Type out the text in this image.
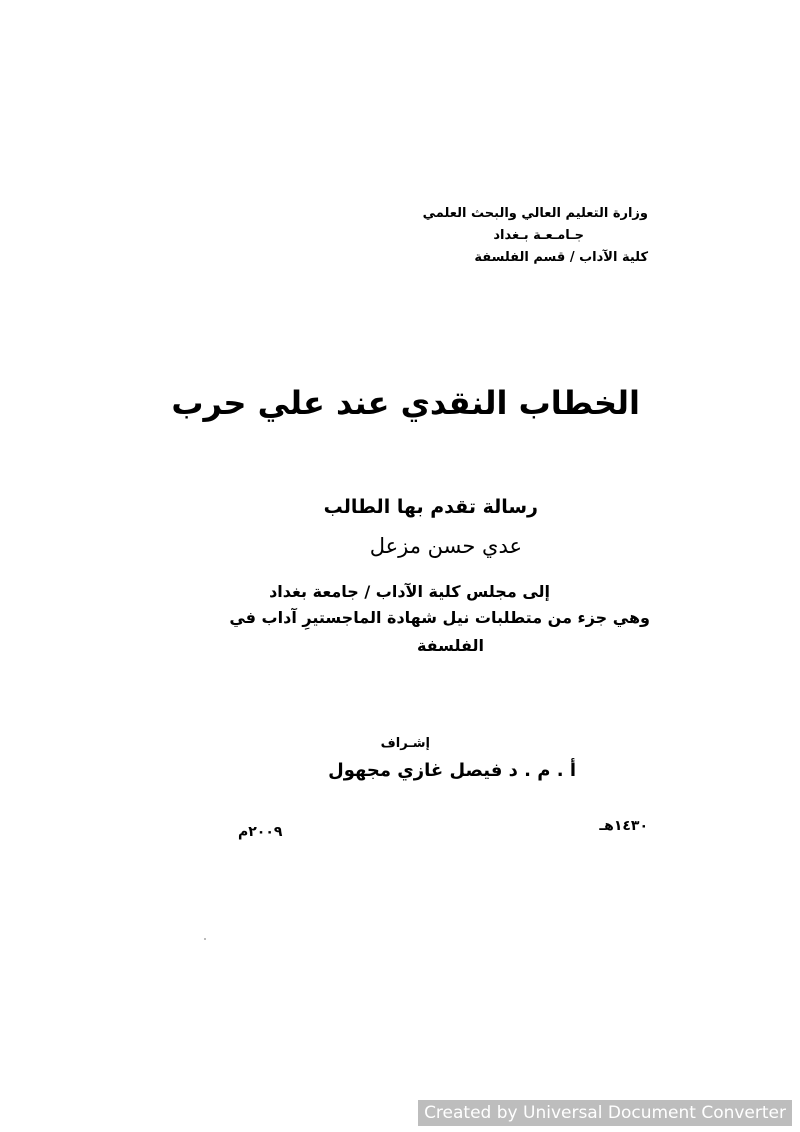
وزارة التعليم العالي والبحث العلمي
جـامـعـة بـغداد
كلية الآداب / قسم الفلسفة
الخطاب النقدي عند علي حرب
رسالة تقدم بها الطالب
عدي حسن مزعل
إلى مجلس كلية الآداب / جامعة بغداد
وهي جزء من متطلبات نيل شهادة الماجستيرِ آداب في
الفلسفة
إشـراف
أ . م . د فيصل غازي مجهول
١٤٣٠هـ
٢٠٠٩م
Created by Universal Document Converter
